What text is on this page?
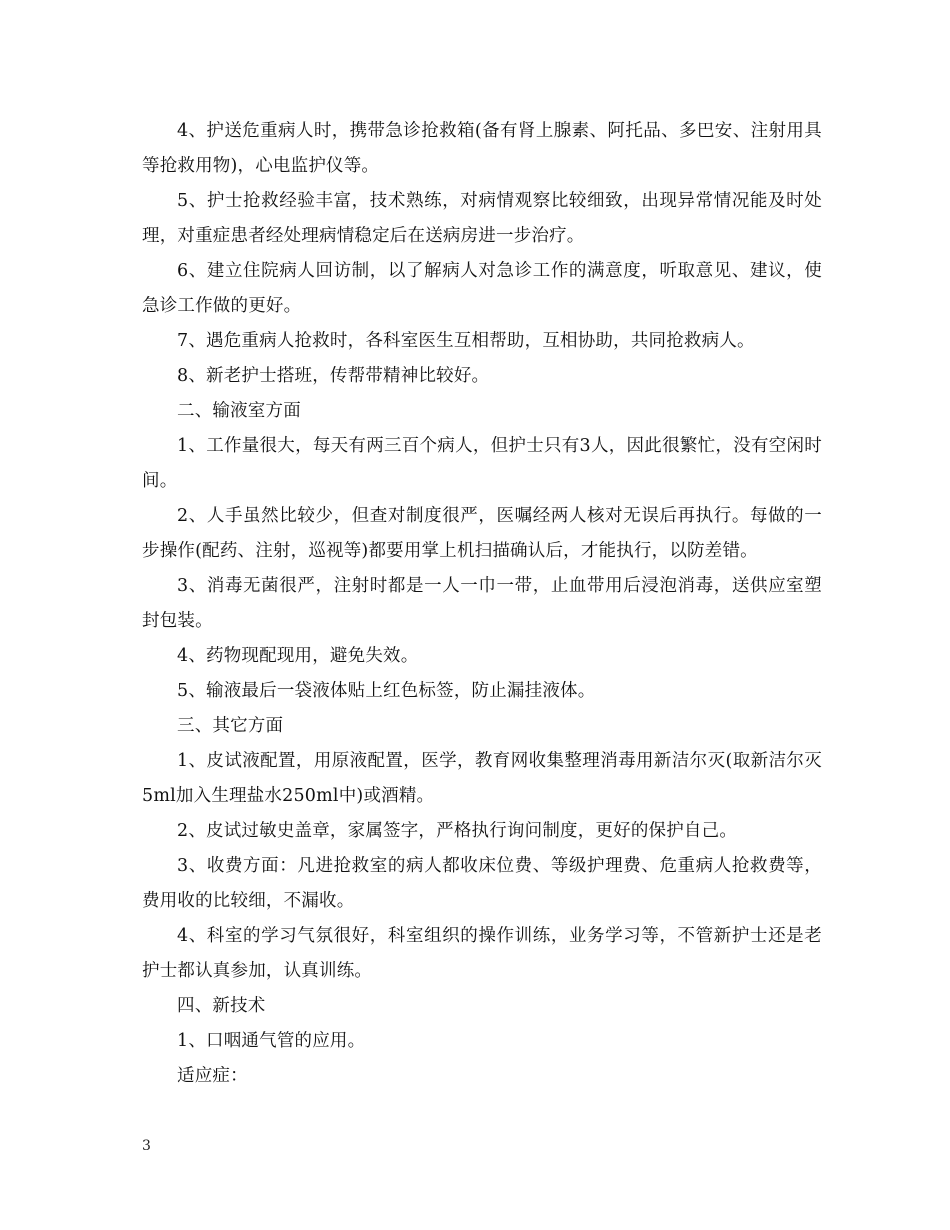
4、护送危重病人时，携带急诊抢救箱(备有肾上腺素、阿托品、多巴安、注射用具等抢救用物)，心电监护仪等。

5、护士抢救经验丰富，技术熟练，对病情观察比较细致，出现异常情况能及时处理，对重症患者经处理病情稳定后在送病房进一步治疗。

6、建立住院病人回访制，以了解病人对急诊工作的满意度，听取意见、建议，使急诊工作做的更好。

7、遇危重病人抢救时，各科室医生互相帮助，互相协助，共同抢救病人。

8、新老护士搭班，传帮带精神比较好。

二、输液室方面

1、工作量很大，每天有两三百个病人，但护士只有3人，因此很繁忙，没有空闲时间。

2、人手虽然比较少，但查对制度很严，医嘱经两人核对无误后再执行。每做的一步操作(配药、注射，巡视等)都要用掌上机扫描确认后，才能执行，以防差错。

3、消毒无菌很严，注射时都是一人一巾一带，止血带用后浸泡消毒，送供应室塑封包装。

4、药物现配现用，避免失效。

5、输液最后一袋液体贴上红色标签，防止漏挂液体。

三、其它方面

1、皮试液配置，用原液配置，医学，教育网收集整理消毒用新洁尔灭(取新洁尔灭5ml加入生理盐水250ml中)或酒精。

2、皮试过敏史盖章，家属签字，严格执行询问制度，更好的保护自己。

3、收费方面：凡进抢救室的病人都收床位费、等级护理费、危重病人抢救费等，费用收的比较细，不漏收。

4、科室的学习气氛很好，科室组织的操作训练，业务学习等，不管新护士还是老护士都认真参加，认真训练。

四、新技术

1、口咽通气管的应用。

适应症：

3
